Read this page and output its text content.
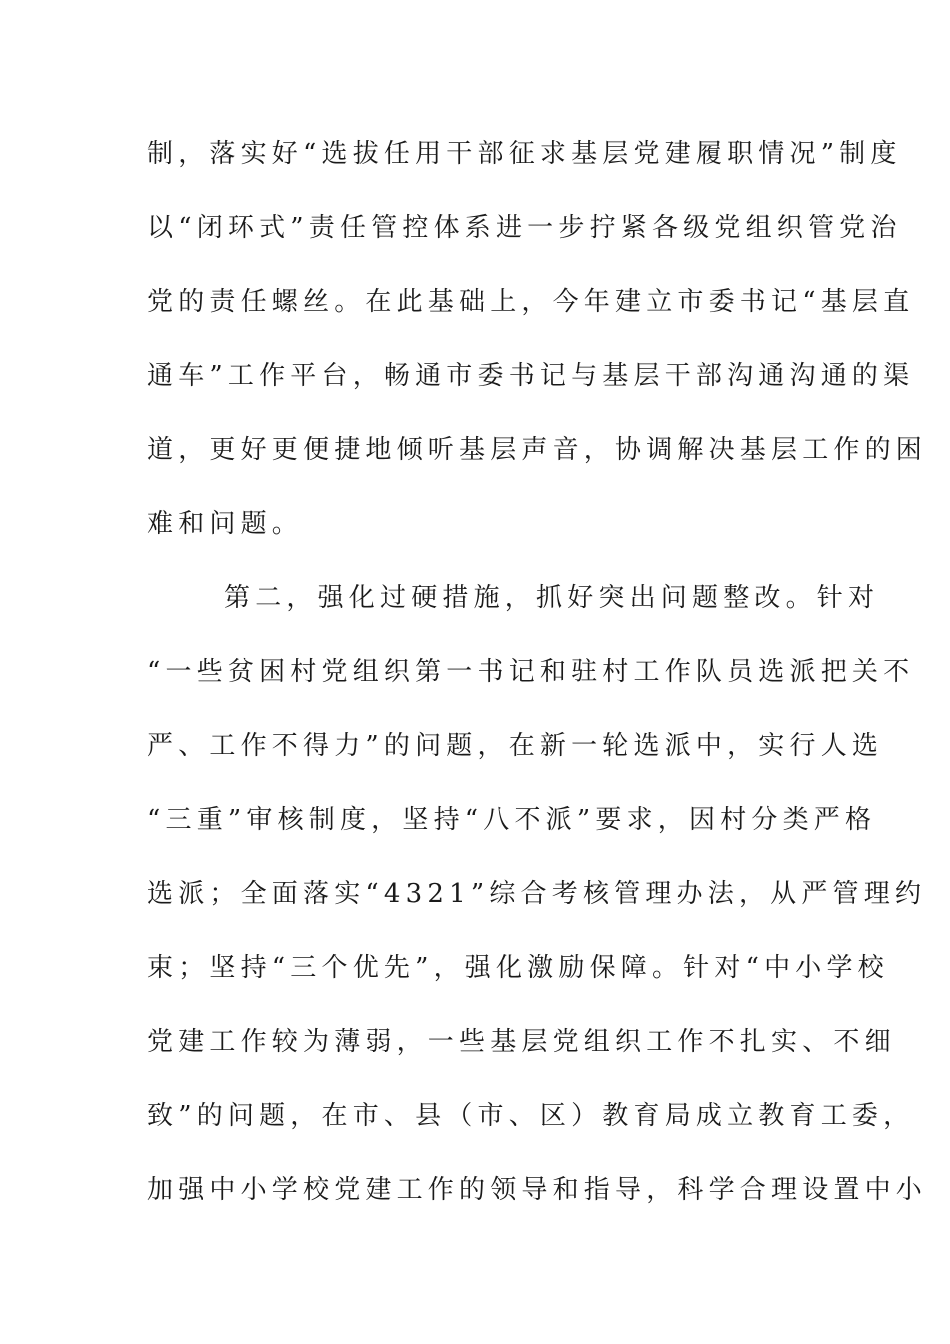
制，落实好“选拔任用干部征求基层党建履职情况”制度
以“闭环式”责任管控体系进一步拧紧各级党组织管党治
党的责任螺丝。在此基础上，今年建立市委书记“基层直
通车”工作平台，畅通市委书记与基层干部沟通沟通的渠
道，更好更便捷地倾听基层声音，协调解决基层工作的困
难和问题。
第二，强化过硬措施，抓好突出问题整改。针对
“一些贫困村党组织第一书记和驻村工作队员选派把关不
严、工作不得力”的问题，在新一轮选派中，实行人选
“三重”审核制度，坚持“八不派”要求，因村分类严格
选派；全面落实“4321”综合考核管理办法，从严管理约
束；坚持“三个优先”，强化激励保障。针对“中小学校
党建工作较为薄弱，一些基层党组织工作不扎实、不细
致”的问题，在市、县（市、区）教育局成立教育工委，
加强中小学校党建工作的领导和指导，科学合理设置中小
